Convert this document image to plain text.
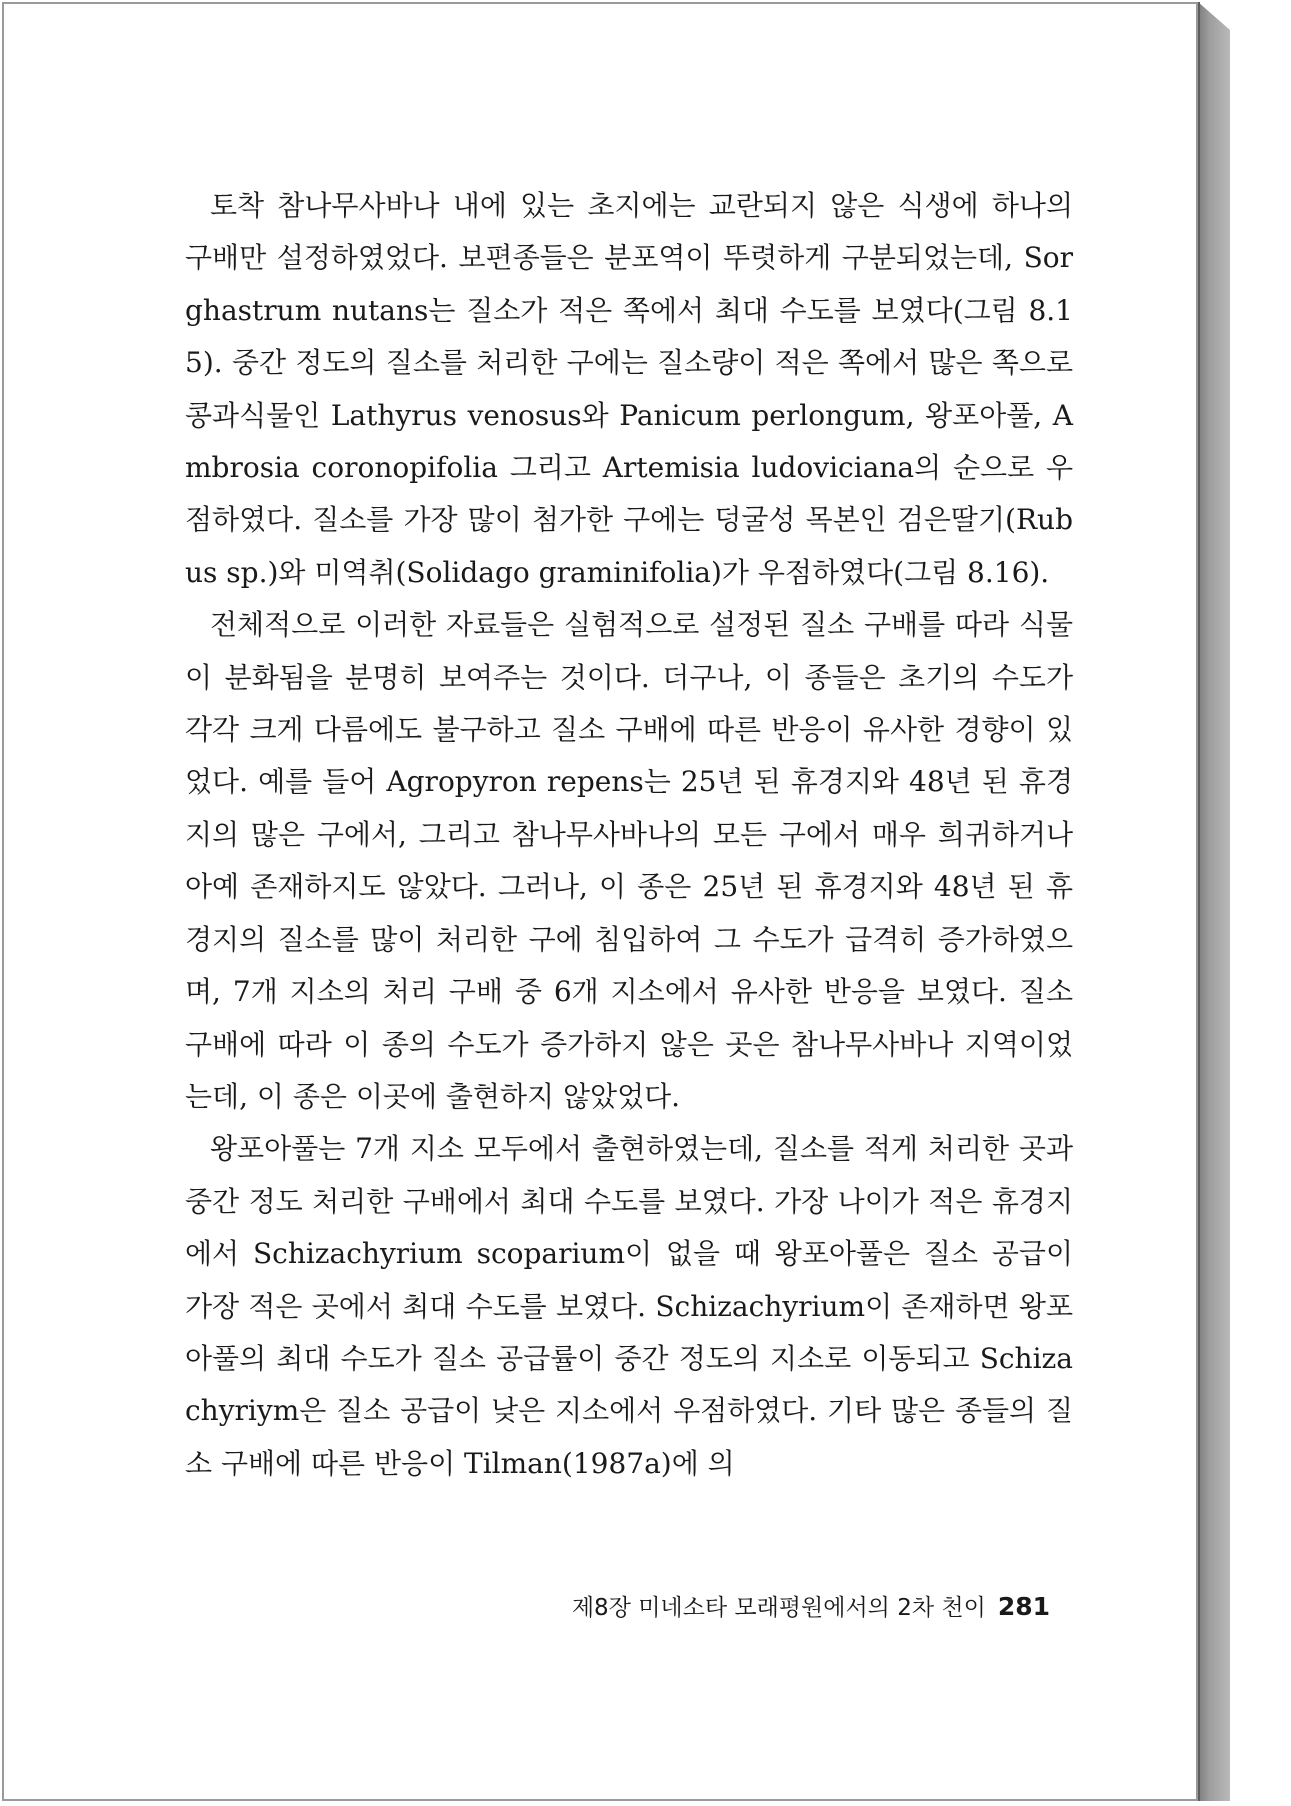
토착 참나무사바나 내에 있는 초지에는 교란되지 않은 식생에 하나의 구배만 설정하였었다. 보편종들은 분포역이 뚜렷하게 구분되었는데, Sorghastrum nutans는 질소가 적은 쪽에서 최대 수도를 보였다(그림 8.15). 중간 정도의 질소를 처리한 구에는 질소량이 적은 쪽에서 많은 쪽으로 콩과식물인 Lathyrus venosus와 Panicum perlongum, 왕포아풀, Ambrosia coronopifolia 그리고 Artemisia ludoviciana의 순으로 우점하였다. 질소를 가장 많이 첨가한 구에는 덩굴성 목본인 검은딸기(Rubus sp.)와 미역취(Solidago graminifolia)가 우점하였다(그림 8.16).

전체적으로 이러한 자료들은 실험적으로 설정된 질소 구배를 따라 식물이 분화됨을 분명히 보여주는 것이다. 더구나, 이 종들은 초기의 수도가 각각 크게 다름에도 불구하고 질소 구배에 따른 반응이 유사한 경향이 있었다. 예를 들어 Agropyron repens는 25년 된 휴경지와 48년 된 휴경지의 많은 구에서, 그리고 참나무사바나의 모든 구에서 매우 희귀하거나 아예 존재하지도 않았다. 그러나, 이 종은 25년 된 휴경지와 48년 된 휴경지의 질소를 많이 처리한 구에 침입하여 그 수도가 급격히 증가하였으며, 7개 지소의 처리 구배 중 6개 지소에서 유사한 반응을 보였다. 질소 구배에 따라 이 종의 수도가 증가하지 않은 곳은 참나무사바나 지역이었는데, 이 종은 이곳에 출현하지 않았었다.

왕포아풀는 7개 지소 모두에서 출현하였는데, 질소를 적게 처리한 곳과 중간 정도 처리한 구배에서 최대 수도를 보였다. 가장 나이가 적은 휴경지에서 Schizachyrium scoparium이 없을 때 왕포아풀은 질소 공급이 가장 적은 곳에서 최대 수도를 보였다. Schizachyrium이 존재하면 왕포아풀의 최대 수도가 질소 공급률이 중간 정도의 지소로 이동되고 Schizachyriym은 질소 공급이 낮은 지소에서 우점하였다. 기타 많은 종들의 질소 구배에 따른 반응이 Tilman(1987a)에 의

제8장 미네소타 모래평원에서의 2차 천이 281
